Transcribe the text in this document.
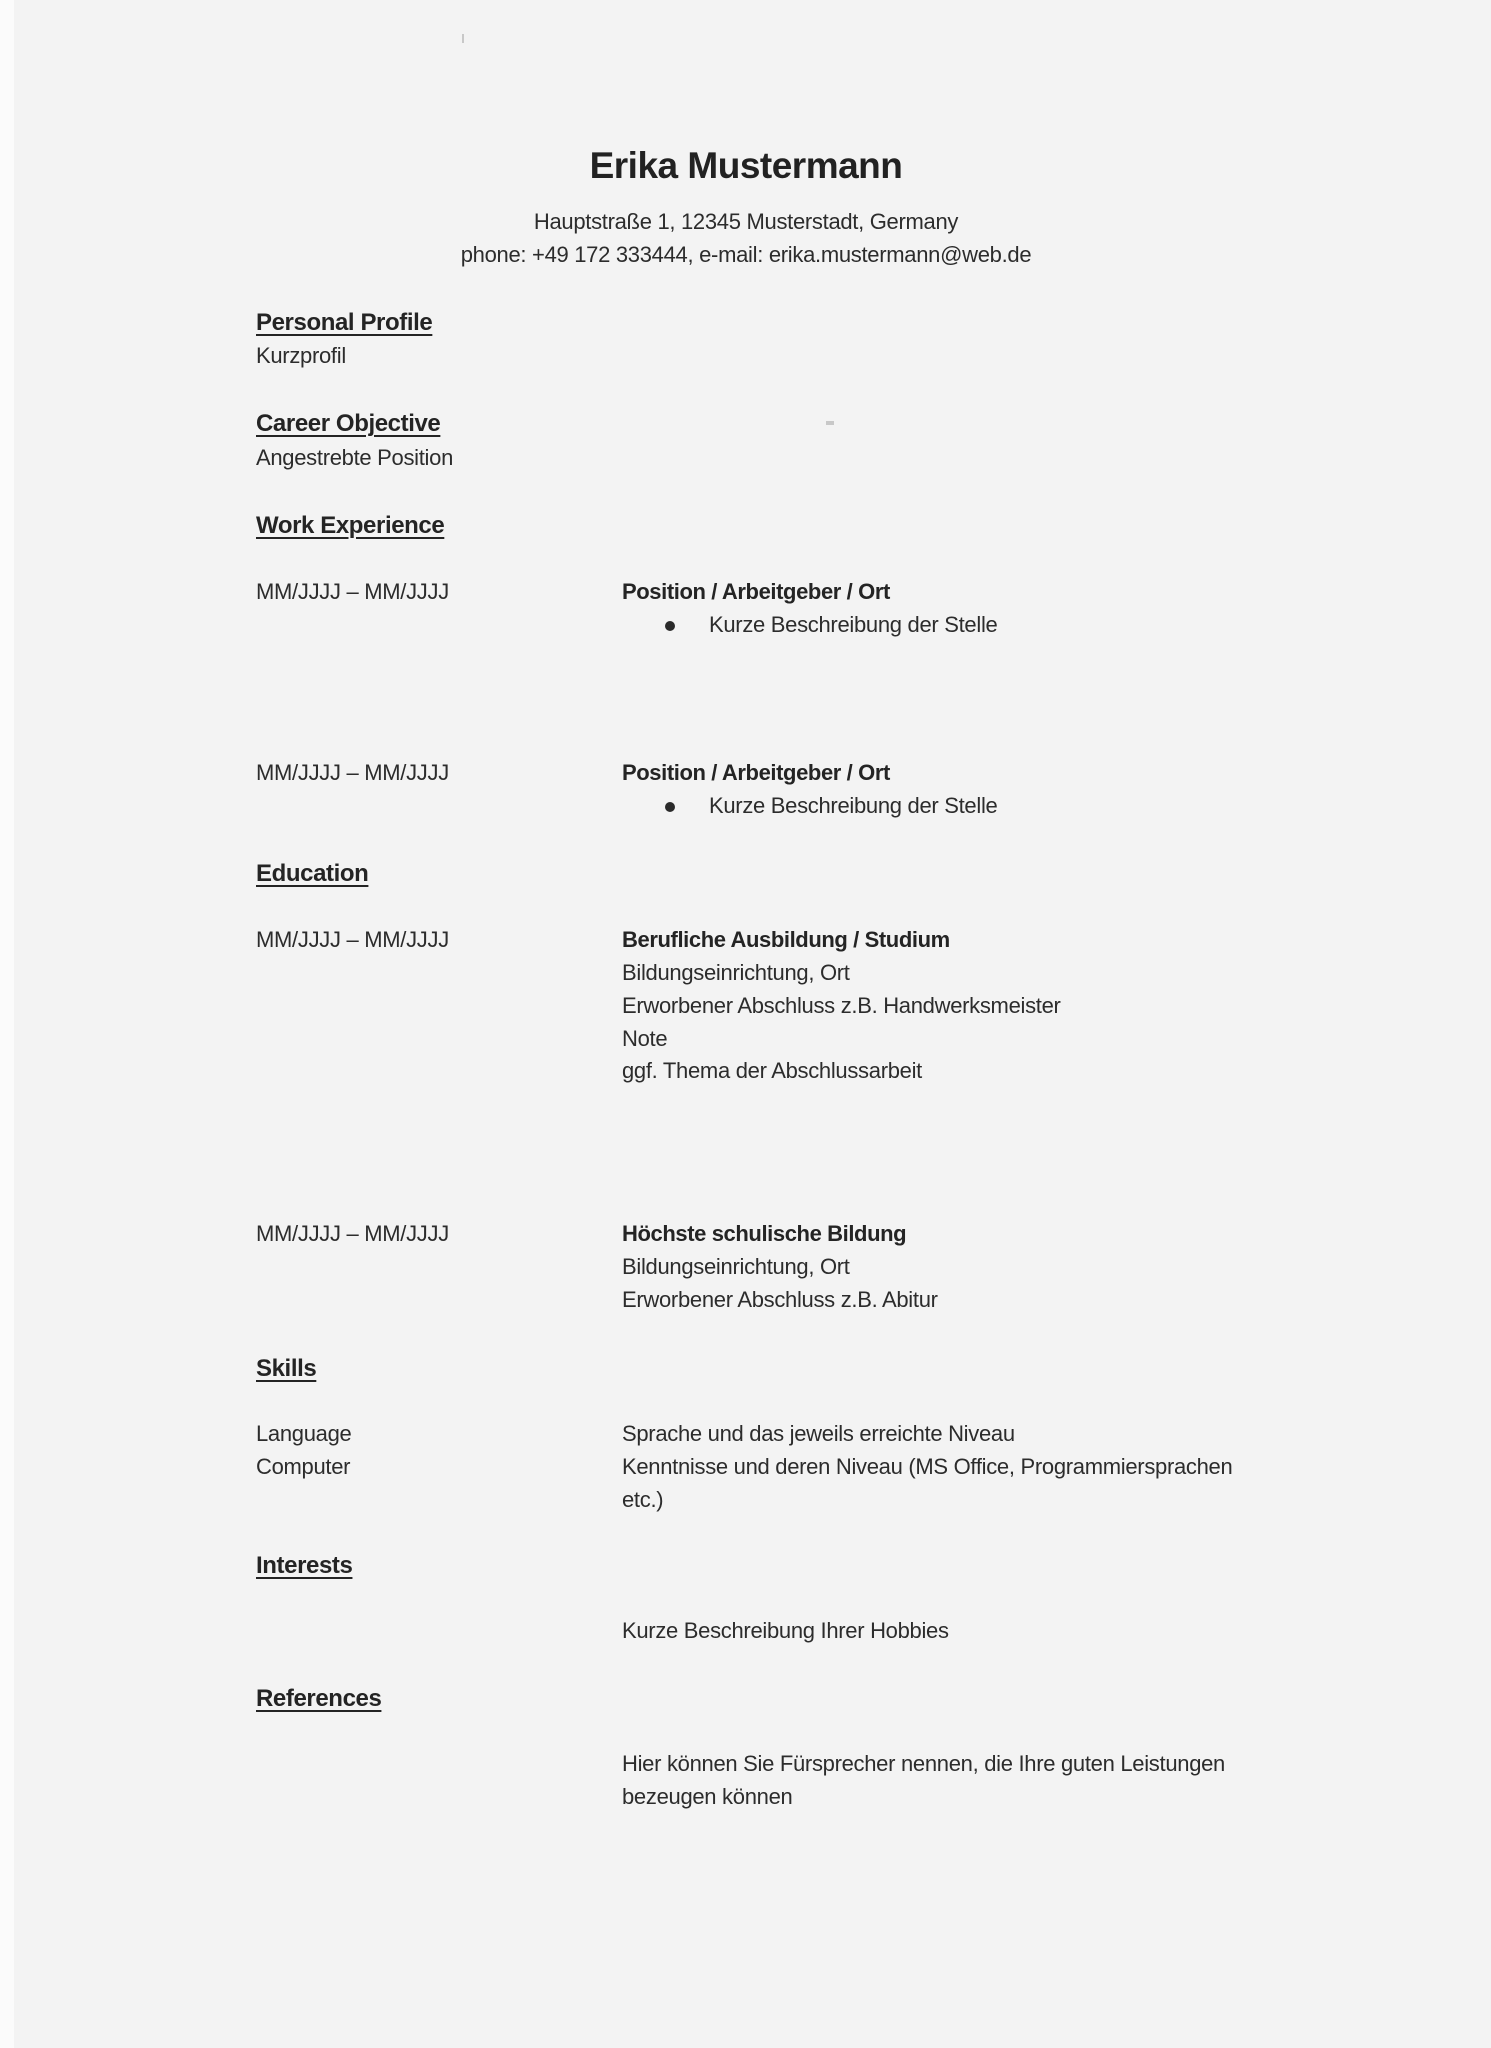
Erika Mustermann
Hauptstraße 1, 12345 Musterstadt, Germany
phone: +49 172 333444, e-mail: erika.mustermann@web.de
Personal Profile
Kurzprofil
Career Objective
Angestrebte Position
Work Experience
MM/JJJJ – MM/JJJJ	Position / Arbeitgeber / Ort
Kurze Beschreibung der Stelle
MM/JJJJ – MM/JJJJ	Position / Arbeitgeber / Ort
Kurze Beschreibung der Stelle
Education
MM/JJJJ – MM/JJJJ	Berufliche Ausbildung / Studium
Bildungseinrichtung, Ort
Erworbener Abschluss z.B. Handwerksmeister
Note
ggf. Thema der Abschlussarbeit
MM/JJJJ – MM/JJJJ	Höchste schulische Bildung
Bildungseinrichtung, Ort
Erworbener Abschluss z.B. Abitur
Skills
Language	Sprache und das jeweils erreichte Niveau
Computer	Kenntnisse und deren Niveau (MS Office, Programmiersprachen
etc.)
Interests
Kurze Beschreibung Ihrer Hobbies
References
Hier können Sie Fürsprecher nennen, die Ihre guten Leistungen
bezeugen können
